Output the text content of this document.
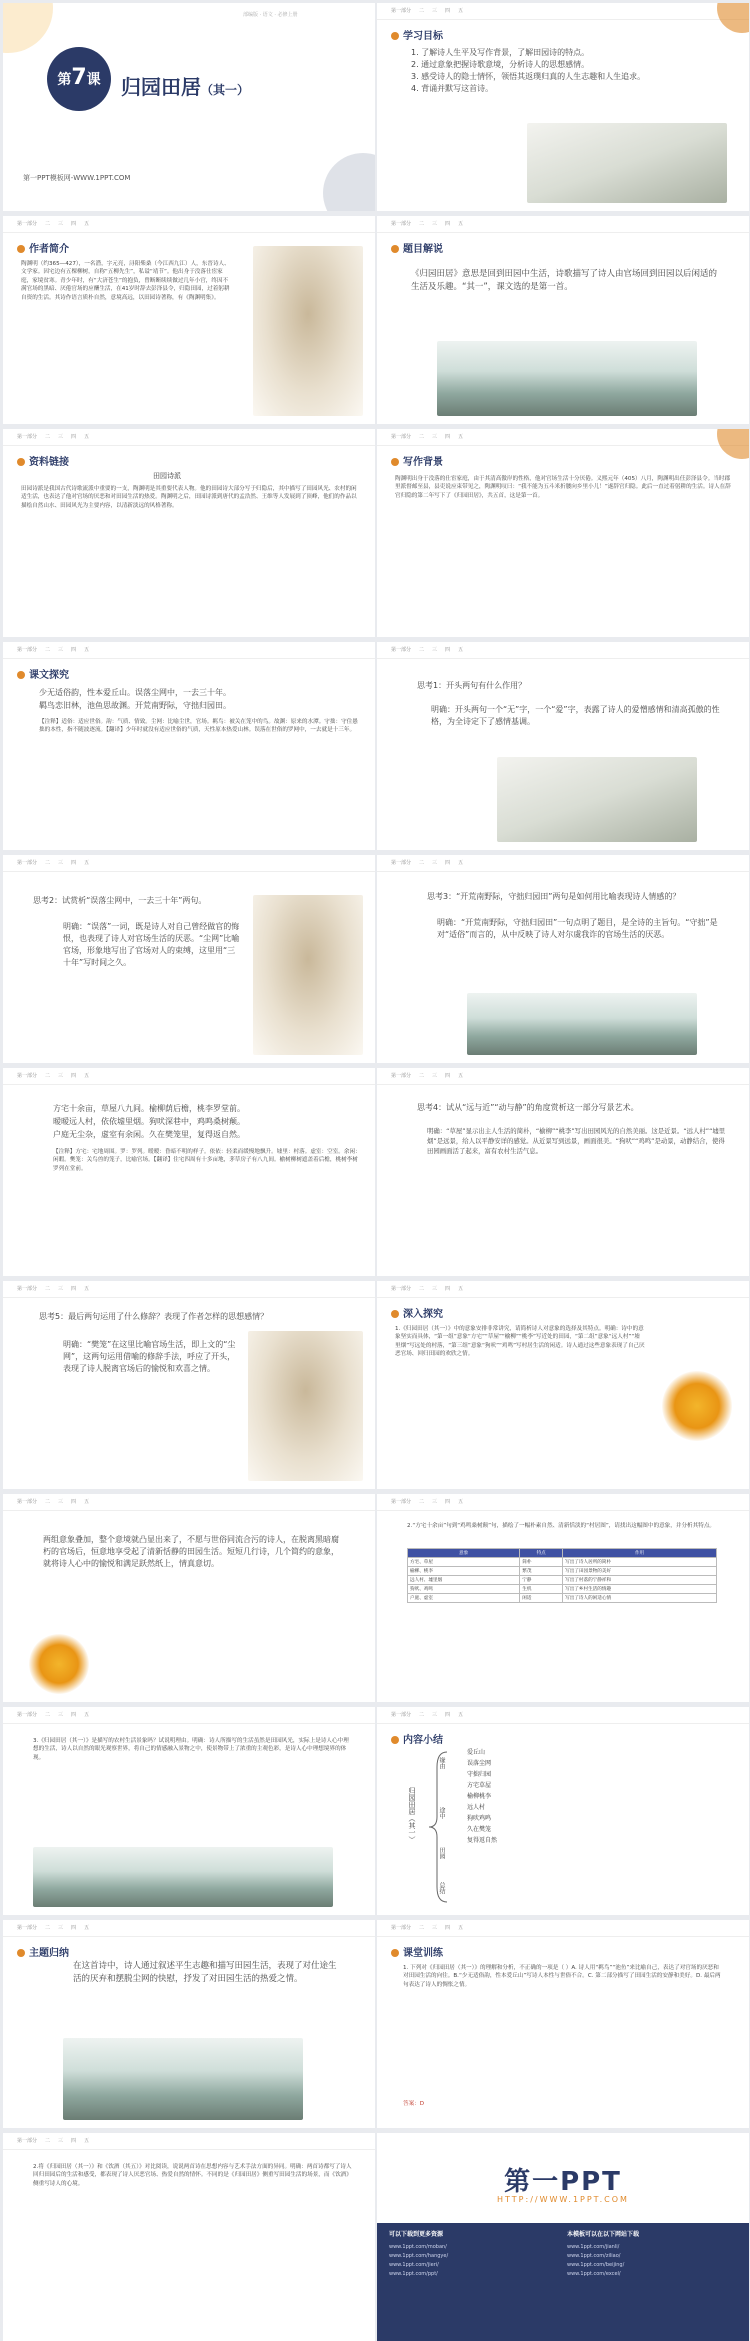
部编版 · 语文 · 必修上册
第7课	归园田居（其一）
第一PPT模板网-WWW.1PPT.COM
第一部分 二 三 四 五
学习目标
1. 了解诗人生平及写作背景，了解田园诗的特点。
2. 通过意象把握诗歌意境，分析诗人的思想感情。
3. 感受诗人的隐士情怀，领悟其返璞归真的人生志趣和人生追求。
4. 背诵并默写这首诗。
第一部分 二 三 四 五
作者简介
陶渊明（约365—427），一名潜，字元亮，浔阳柴桑（今江西九江）人，东晋诗人、文学家。因宅边有五棵柳树，自称“五柳先生”，私谥“靖节”。他出身于没落仕宦家庭，家境贫寒。青少年时，有“大济苍生”的抱负，曾断断续续做过几年小官，终因不满官场的黑暗、厌倦官场的应酬生活，在41岁时辞去彭泽县令，归隐田园，过着躬耕自资的生活。其诗作语言质朴自然，意境高远，以田园诗著称，有《陶渊明集》。
第一部分 二 三 四 五
题目解说
《归园田居》意思是回到田园中生活，诗歌描写了诗人由官场回到田园以后闲适的生活及乐趣。“其一”，课文选的是第一首。
第一部分 二 三 四 五
资料链接
田园诗派
田园诗派是我国古代诗歌流派中重要的一支，陶渊明是其重要代表人物。他的田园诗大部分写于归隐后，其中描写了田园风光、农村的闲适生活，也表达了他对官场的厌恶和对田园生活的热爱。陶渊明之后，田园诗派到唐代的孟浩然、王维等人发展到了顶峰，他们的作品以描绘自然山水、田园风光为主要内容，以清新淡远的风格著称。
第一部分 二 三 四 五
写作背景
陶渊明出身于没落的仕宦家庭，由于其清高傲岸的性格，他对官场生活十分厌倦。义熙元年（405）八月，陶渊明出任彭泽县令。当时郡里派督邮至县，县吏说应束带见之，陶渊明叹曰：“我不能为五斗米折腰向乡里小儿！”遂辞官归隐。此后一直过着躬耕的生活。诗人在辞官归隐的第二年写下了《归园田居》，共五首，这是第一首。
第一部分 二 三 四 五
课文探究
少无适俗韵，性本爱丘山。误落尘网中，一去三十年。
羁鸟恋旧林，池鱼思故渊。开荒南野际，守拙归园田。
【注释】适俗：适应世俗。韵：气质、情致。尘网：比喻尘世，官场。羁鸟：被关在笼中的鸟。故渊：原来的水潭。守拙：守住愚拙的本性，指不随波逐流。【翻译】少年时就没有适应世俗的气质，天性原本热爱山林。误落在世俗的罗网中，一去就是十三年。
第一部分 二 三 四 五
思考1：开头两句有什么作用？
明确：开头两句一个“无”字，一个“爱”字，表露了诗人的爱憎感情和清高孤傲的性格，为全诗定下了感情基调。
第一部分 二 三 四 五
思考2：试赏析“误落尘网中，一去三十年”两句。
明确：“误落”一词，既是诗人对自己曾经做官的悔恨，也表现了诗人对官场生活的厌恶。“尘网”比喻官场，形象地写出了官场对人的束缚，这里用“三十年”写时间之久。
第一部分 二 三 四 五
思考3：“开荒南野际，守拙归园田”两句是如何用比喻表现诗人情感的？
明确：“开荒南野际，守拙归园田”一句点明了题目，是全诗的主旨句。“守拙”是对“适俗”而言的，从中反映了诗人对尔虞我诈的官场生活的厌恶。
第一部分 二 三 四 五
方宅十余亩，草屋八九间。榆柳荫后檐，桃李罗堂前。
暧暧远人村，依依墟里烟。狗吠深巷中，鸡鸣桑树颠。
户庭无尘杂，虚室有余闲。久在樊笼里，复得返自然。
【注释】方宅：宅地周围。罗：罗列。暧暧：昏暗不明的样子。依依：轻柔而缓慢地飘升。墟里：村落。虚室：空室。余闲：闲暇。樊笼：关鸟兽的笼子，比喻官场。【翻译】住宅四周有十多亩地，茅草房子有八九间。榆树柳树遮盖着后檐，桃树李树罗列在堂前。
第一部分 二 三 四 五
思考4：试从“远与近”“动与静”的角度赏析这一部分写景艺术。
明确：“草屋”显示出主人生活的简朴，“榆柳”“桃李”写出田园风光的自然美丽。这是近景。“远人村”“墟里烟”是远景，给人以平静安详的感觉。从近景写到远景，画面很美。“狗吠”“鸡鸣”是动景，动静结合，使得田园画面活了起来，富有农村生活气息。
第一部分 二 三 四 五
思考5：最后两句运用了什么修辞？表现了作者怎样的思想感情？
明确：“樊笼”在这里比喻官场生活，即上文的“尘网”，这两句运用借喻的修辞手法，呼应了开头，表现了诗人脱离官场后的愉悦和欢喜之情。
第一部分 二 三 四 五
深入探究
1.《归园田居（其一）》中的意象安排非常讲究，请简析诗人对意象的选择及其特点。明确：诗中的意象坚实而具体，“第一组”意象“方宅”“草屋”“榆柳”“桃李”写近处的田园，“第二组”意象“远人村”“墟里烟”写远处的村落，“第三组”意象“狗吠”“鸡鸣”写村居生活的闲适。诗人通过这些意象表现了自己厌恶官场、回归田园的欢欣之情。
第一部分 二 三 四 五
两组意象叠加，整个意境就凸显出来了，不愿与世俗同流合污的诗人，在脱离黑暗腐朽的官场后，恒意地享受起了清新恬静的田园生活。短短几行诗，几个简约的意象，就将诗人心中的愉悦和满足跃然纸上，情真意切。
第一部分 二 三 四 五
2.“方宅十余亩”句到“鸡鸣桑树颠”句，描绘了一幅朴素自然、清新恬淡的“村居图”，请找出这幅图中的意象，并分析其特点。
意象	特点	作用
方宅、草屋	简朴	写出了诗人居所的简朴
榆柳、桃李	繁茂	写出了田园景物的美好
远人村、墟里烟	宁静	写出了村落的宁静祥和
狗吠、鸡鸣	生机	写出了乡村生活的情趣
户庭、虚室	闲适	写出了诗人的闲适心情
第一部分 二 三 四 五
3.《归园田居（其一）》是描写的农村生活景象吗？试说明理由。明确：诗人所描写的生活虽然是田园风光，实际上是诗人心中理想的生活，诗人以自然的眼光观察世界，将自己的情感融入景物之中，使景物带上了浓重的主观色彩，是诗人心中理想境界的体现。
第一部分 二 三 四 五
内容小结
归园田居（其一）
缘由
途中
田园
总结
爱丘山
误落尘网
守拙归园
方宅草屋
榆柳桃李
远人村
狗吠鸡鸣
久在樊笼
复得返自然
第一部分 二 三 四 五
主题归纳
在这首诗中，诗人通过叙述平生志趣和描写田园生活，表现了对仕途生活的厌弃和摆脱尘网的快慰，抒发了对田园生活的热爱之情。
第一部分 二 三 四 五
课堂训练
1. 下列对《归园田居（其一）》的理解和分析，不正确的一项是（ ）A. 诗人用“羁鸟”“池鱼”来比喻自己，表达了对官场的厌恶和对田园生活的向往。B.“少无适俗韵，性本爱丘山”写诗人本性与世俗不合。C. 第二部分描写了田园生活的安静和美好。D. 最后两句表达了诗人的惆怅之情。
答案：D
第一部分 二 三 四 五
2.将《归园田居（其一）》和《饮酒（其五）》对比阅读，说说两首诗在思想内容与艺术手法方面的异同。明确：两首诗都写了诗人回归田园后的生活和感受，都表现了诗人厌恶官场、热爱自然的情怀。不同的是《归园田居》侧重写田园生活的场景，而《饮酒》侧重写诗人的心境。	第一PPT
HTTP://WWW.1PPT.COM
可以下载到更多资源	本模板可以在以下网站下载
www.1ppt.com/moban/
www.1ppt.com/hangye/
www.1ppt.com/jieri/
www.1ppt.com/ppt/
www.1ppt.com/jianli/
www.1ppt.com/ziliao/
www.1ppt.com/beijing/
www.1ppt.com/excel/
